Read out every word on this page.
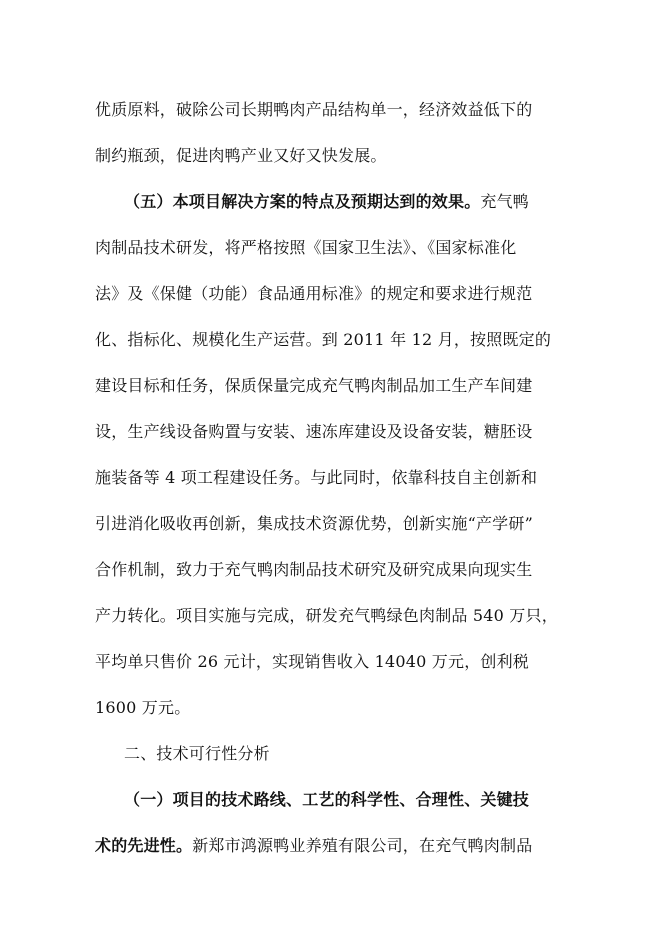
优质原料，破除公司长期鸭肉产品结构单一，经济效益低下的
制约瓶颈，促进肉鸭产业又好又快发展。
（五）本项目解决方案的特点及预期达到的效果。充气鸭
肉制品技术研发，将严格按照《国家卫生法》、《国家标准化
法》及《保健（功能）食品通用标准》的规定和要求进行规范
化、指标化、规模化生产运营。到 2011 年 12 月，按照既定的
建设目标和任务，保质保量完成充气鸭肉制品加工生产车间建
设，生产线设备购置与安装、速冻库建设及设备安装，糖胚设
施装备等 4 项工程建设任务。与此同时，依靠科技自主创新和
引进消化吸收再创新，集成技术资源优势，创新实施“产学研”
合作机制，致力于充气鸭肉制品技术研究及研究成果向现实生
产力转化。项目实施与完成，研发充气鸭绿色肉制品 540 万只，
平均单只售价 26 元计，实现销售收入 14040 万元，创利税
1600 万元。
二、技术可行性分析
（一）项目的技术路线、工艺的科学性、合理性、关键技
术的先进性。新郑市鸿源鸭业养殖有限公司，在充气鸭肉制品
